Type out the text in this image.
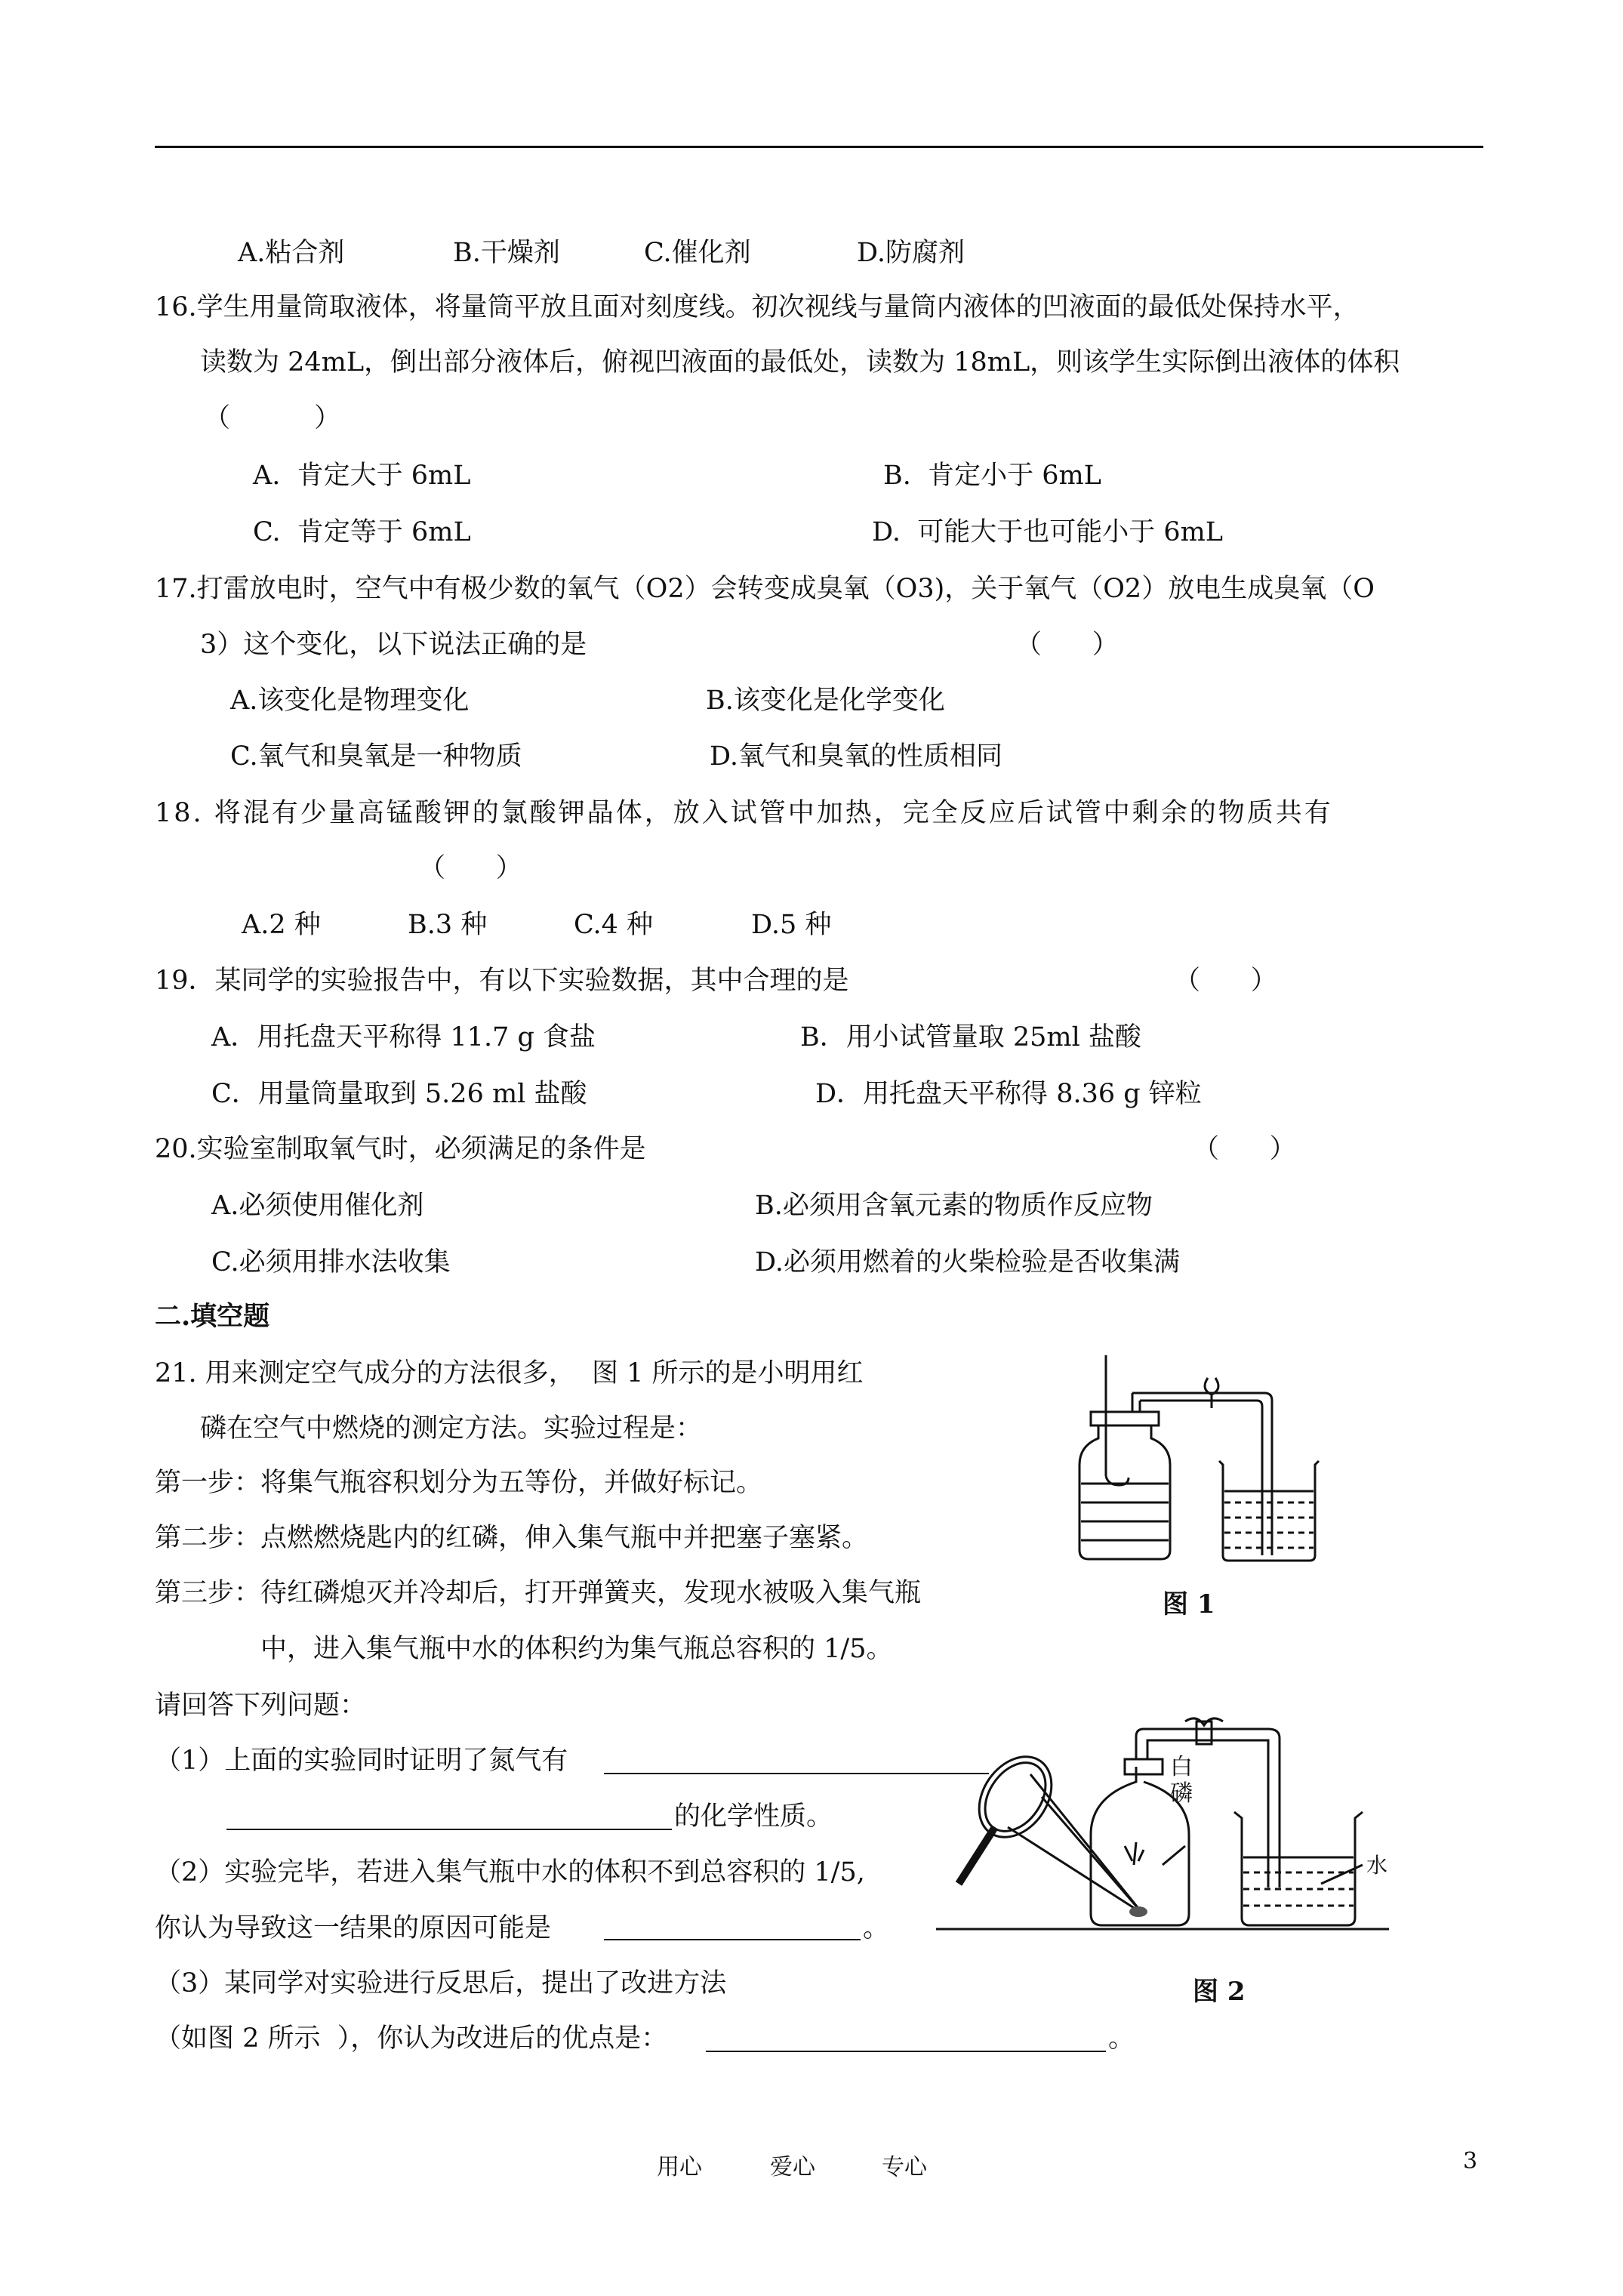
A.粘合剂	B.干燥剂	C.催化剂	D.防腐剂
16.学生用量筒取液体，将量筒平放且面对刻度线。初次视线与量筒内液体的凹液面的最低处保持水平，
读数为 24mL，倒出部分液体后，俯视凹液面的最低处，读数为 18mL，则该学生实际倒出液体的体积
（          ）
A.  肯定大于 6mL	B.  肯定小于 6mL
C.  肯定等于 6mL	D.  可能大于也可能小于 6mL
17.打雷放电时，空气中有极少数的氧气（O2）会转变成臭氧（O3)，关于氧气（O2）放电生成臭氧（O
3）这个变化，以下说法正确的是	（      ）
A.该变化是物理变化	B.该变化是化学变化
C.氧气和臭氧是一种物质	D.氧气和臭氧的性质相同
18. 将混有少量高锰酸钾的氯酸钾晶体，放入试管中加热，完全反应后试管中剩余的物质共有
（      ）
A.2 种	B.3 种	C.4 种	D.5 种
19．某同学的实验报告中，有以下实验数据，其中合理的是	（      ）
A．用托盘天平称得 11.7 g 食盐	B．用小试管量取 25ml 盐酸
C．用量筒量取到 5.26 ml 盐酸	D．用托盘天平称得 8.36 g 锌粒
20.实验室制取氧气时，必须满足的条件是	（      ）
A.必须使用催化剂	B.必须用含氧元素的物质作反应物
C.必须用排水法收集	D.必须用燃着的火柴检验是否收集满
二.填空题
21. 用来测定空气成分的方法很多，  图 1 所示的是小明用红
磷在空气中燃烧的测定方法。实验过程是：
第一步：将集气瓶容积划分为五等份，并做好标记。
第二步：点燃燃烧匙内的红磷，伸入集气瓶中并把塞子塞紧。
第三步：待红磷熄灭并冷却后，打开弹簧夹，发现水被吸入集气瓶
中，进入集气瓶中水的体积约为集气瓶总容积的 1/5。
请回答下列问题：
（1）上面的实验同时证明了氮气有
的化学性质。
（2）实验完毕，若进入集气瓶中水的体积不到总容积的 1/5,
你认为导致这一结果的原因可能是	。
（3）某同学对实验进行反思后，提出了改进方法
（如图 2 所示  ），你认为改进后的优点是：	。
图 1
白
磷
水
图 2
用心	爱心	专心	3
